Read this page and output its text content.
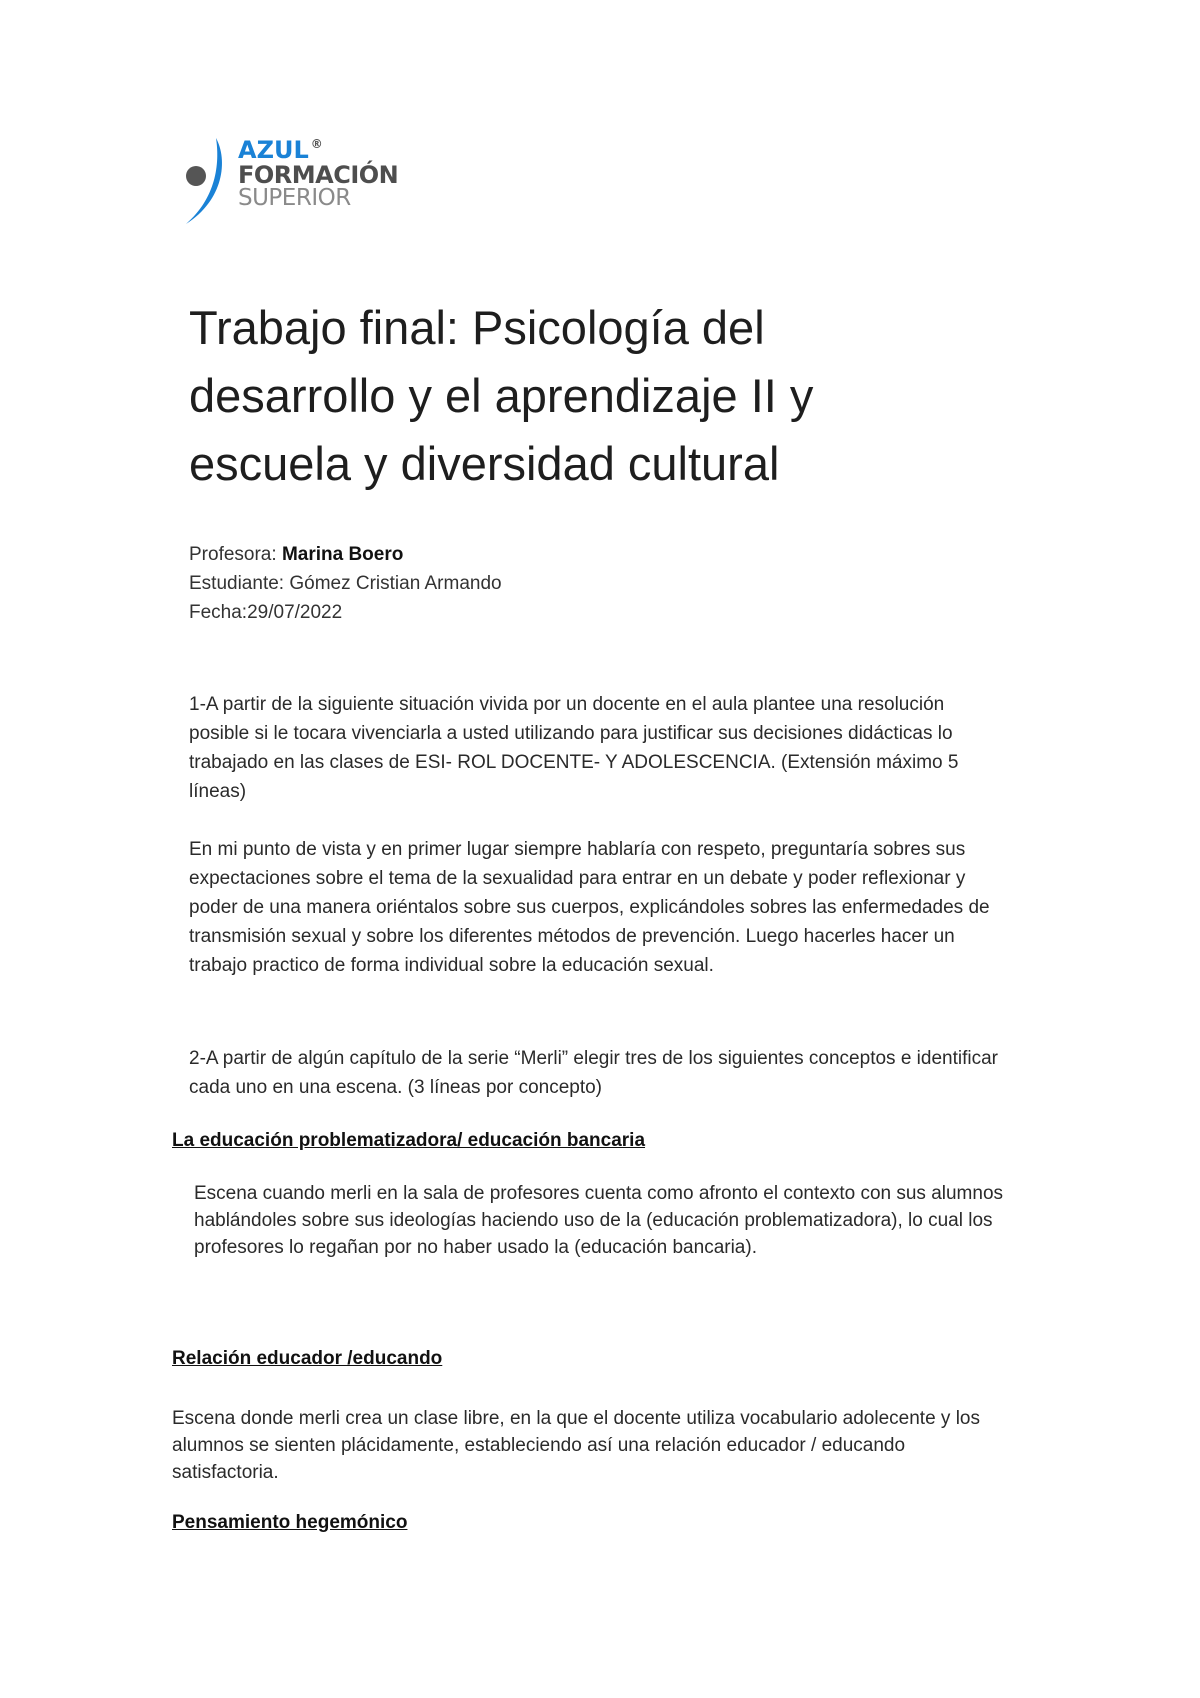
AZUL ®
FORMACIÓN
SUPERIOR
Trabajo final: Psicología del desarrollo y el aprendizaje II y escuela y diversidad cultural
Profesora: Marina Boero
Estudiante: Gómez Cristian Armando
Fecha:29/07/2022

1-A partir de la siguiente situación vivida por un docente en el aula plantee una resolución posible si le tocara vivenciarla a usted utilizando para justificar sus decisiones didácticas lo trabajado en las clases de ESI- ROL DOCENTE- Y ADOLESCENCIA. (Extensión máximo 5 líneas)

En mi punto de vista y en primer lugar siempre hablaría con respeto, preguntaría sobres sus expectaciones sobre el tema de la sexualidad para entrar en un debate y poder reflexionar y poder de una manera oriéntalos sobre sus cuerpos, explicándoles sobres las enfermedades de transmisión sexual y sobre los diferentes métodos de prevención. Luego hacerles hacer un trabajo practico de forma individual sobre la educación sexual.

2-A partir de algún capítulo de la serie “Merli” elegir tres de los siguientes conceptos e identificar cada uno en una escena. (3 líneas por concepto)

La educación problematizadora/ educación bancaria

Escena cuando merli en la sala de profesores cuenta como afronto el contexto con sus alumnos hablándoles sobre sus ideologías haciendo uso de la (educación problematizadora), lo cual los profesores lo regañan por no haber usado la (educación bancaria).

Relación educador /educando

Escena donde merli crea un clase libre, en la que el docente utiliza vocabulario adolecente y los alumnos se sienten plácidamente, estableciendo así una relación educador / educando satisfactoria.

Pensamiento hegemónico
